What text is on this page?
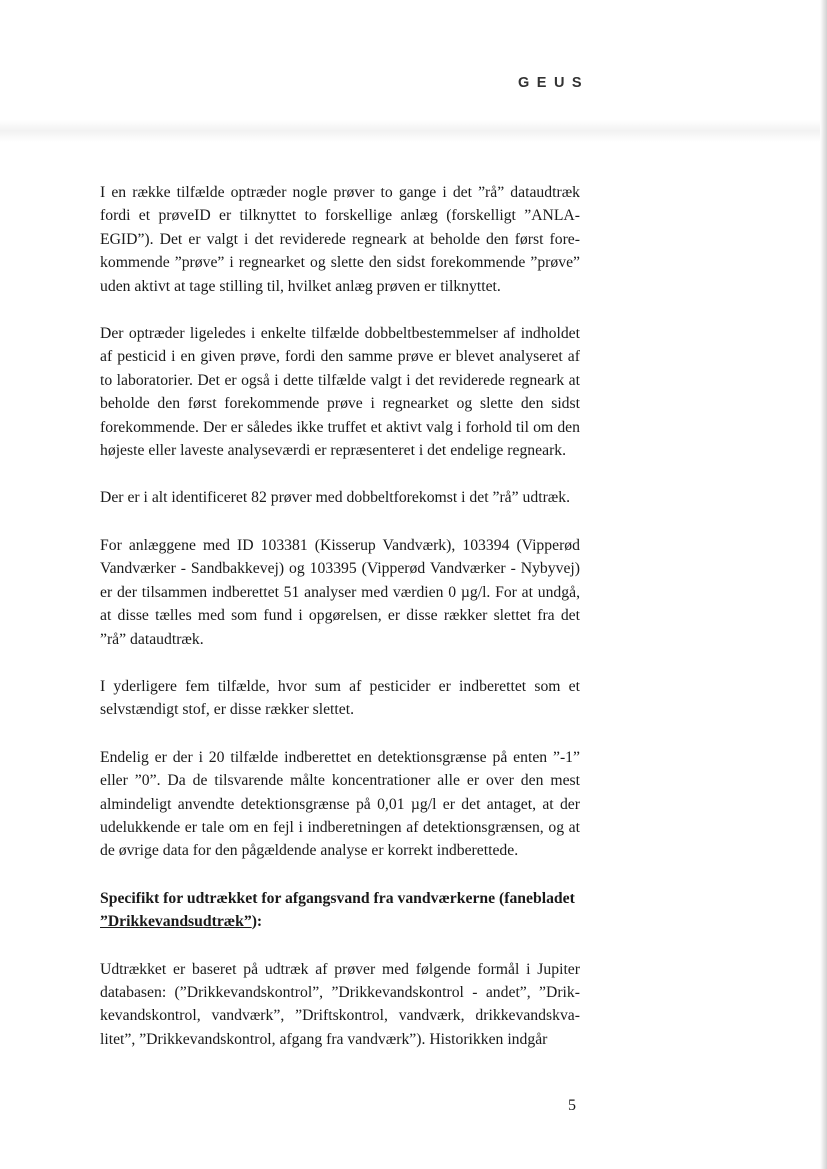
GEUS

I en række tilfælde optræder nogle prøver to gange i det ”rå” dataudtræk fordi et prøveID er tilknyttet to forskellige anlæg (forskelligt ”ANLAEGID”). Det er valgt i det reviderede regneark at beholde den først forekommende ”prøve” i regnearket og slette den sidst forekommende ”prøve” uden aktivt at tage stilling til, hvilket anlæg prøven er tilknyttet.

Der optræder ligeledes i enkelte tilfælde dobbeltbestemmelser af indholdet af pesticid i en given prøve, fordi den samme prøve er blevet analyseret af to laboratorier. Det er også i dette tilfælde valgt i det reviderede regneark at beholde den først forekommende prøve i regnearket og slette den sidst forekommende. Der er således ikke truffet et aktivt valg i forhold til om den højeste eller laveste analyseværdi er repræsenteret i det endelige regneark.

Der er i alt identificeret 82 prøver med dobbeltforekomst i det ”rå” udtræk.

For anlæggene med ID 103381 (Kisserup Vandværk), 103394 (Vipperød Vandværker - Sandbakkevej) og 103395 (Vipperød Vandværker - Nybyvej) er der tilsammen indberettet 51 analyser med værdien 0 µg/l. For at undgå, at disse tælles med som fund i opgørelsen, er disse rækker slettet fra det ”rå” dataudtræk.

I yderligere fem tilfælde, hvor sum af pesticider er indberettet som et selvstændigt stof, er disse rækker slettet.

Endelig er der i 20 tilfælde indberettet en detektionsgrænse på enten ”-1” eller ”0”. Da de tilsvarende målte koncentrationer alle er over den mest almindeligt anvendte detektionsgrænse på 0,01 µg/l er det antaget, at der udelukkende er tale om en fejl i indberetningen af detektionsgrænsen, og at de øvrige data for den pågældende analyse er korrekt indberettede.

Specifikt for udtrækket for afgangsvand fra vandværkerne (fanebladet ”Drikkevandsudtræk”):

Udtrækket er baseret på udtræk af prøver med følgende formål i Jupiter databasen: (”Drikkevandskontrol”, ”Drikkevandskontrol - andet”, ”Drikkevandskontrol, vandværk”, ”Driftskontrol, vandværk, drikkevandskvalitet”, ”Drikkevandskontrol, afgang fra vandværk”). Historikken indgår

5
